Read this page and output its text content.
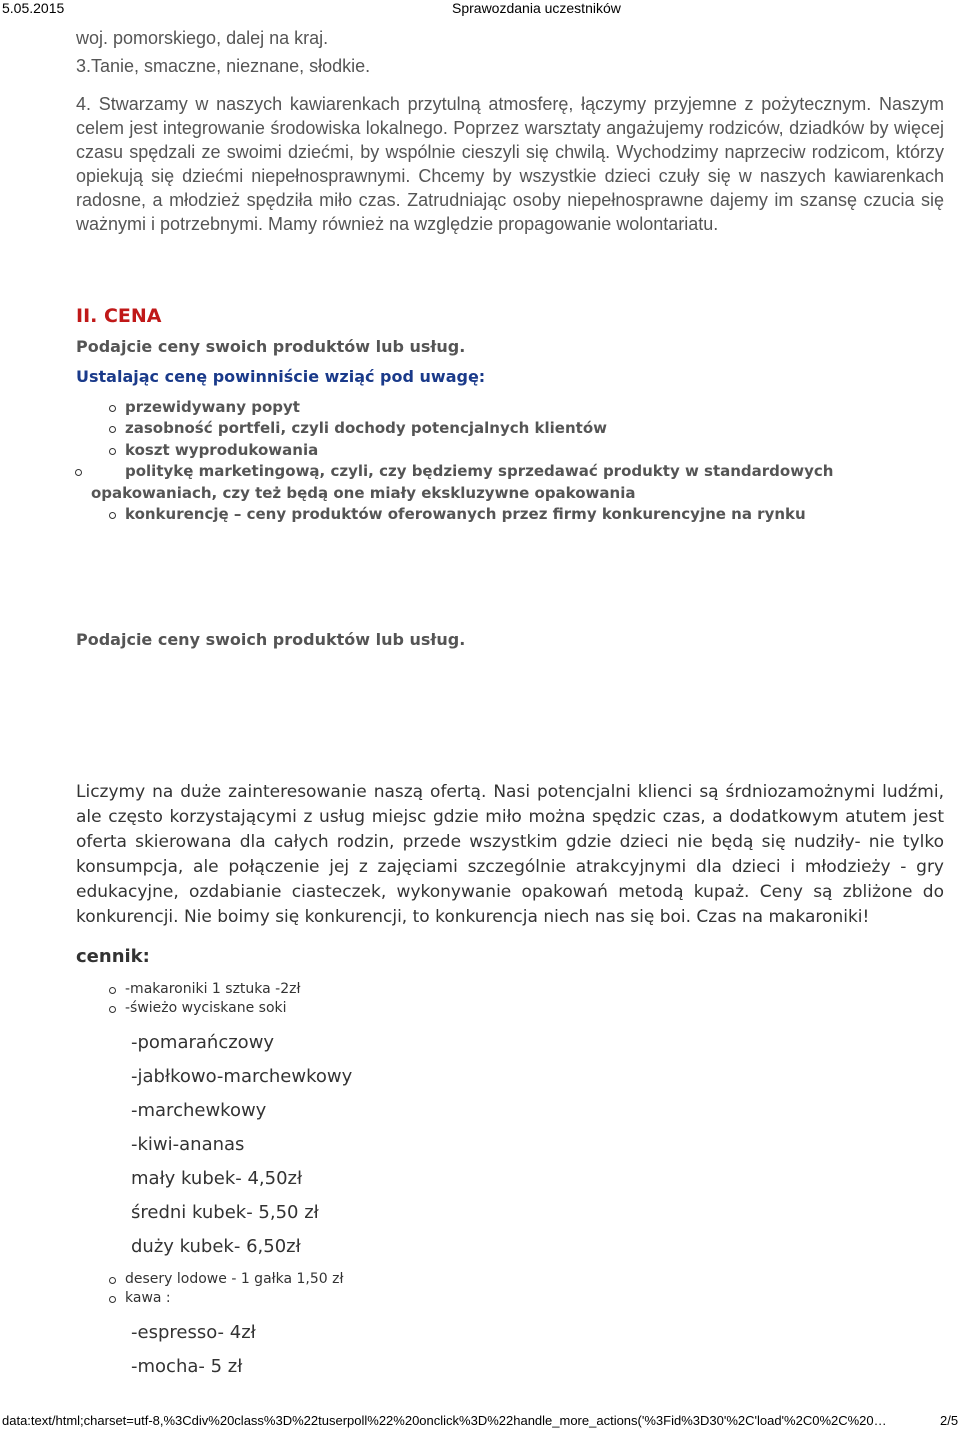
5.05.2015	Sprawozdania uczestników

woj. pomorskiego, dalej na kraj.

3.Tanie, smaczne, nieznane, słodkie.

4. Stwarzamy w naszych kawiarenkach przytulną atmosferę, łączymy przyjemne z pożytecznym. Naszym celem jest integrowanie środowiska lokalnego. Poprzez warsztaty angażujemy rodziców, dziadków by więcej czasu spędzali ze swoimi dziećmi, by wspólnie cieszyli się chwilą. Wychodzimy naprzeciw rodzicom, którzy opiekują się dziećmi niepełnosprawnymi. Chcemy by wszystkie dzieci czuły się w naszych kawiarenkach radosne, a młodzież spędziła miło czas. Zatrudniając osoby niepełnosprawne dajemy im szansę czucia się ważnymi i potrzebnymi. Mamy również na względzie propagowanie wolontariatu.

II. CENA

Podajcie ceny swoich produktów lub usług.

Ustalając cenę powinniście wziąć pod uwagę:

przewidywany popyt
zasobność portfeli, czyli dochody potencjalnych klientów
koszt wyprodukowania
politykę marketingową, czyli, czy będziemy sprzedawać produkty w standardowych opakowaniach, czy też będą one miały ekskluzywne opakowania
konkurencję – ceny produktów oferowanych przez firmy konkurencyjne na rynku

Podajcie ceny swoich produktów lub usług.

Liczymy na duże zainteresowanie naszą ofertą. Nasi potencjalni klienci są śrdniozamożnymi ludźmi, ale często korzystającymi z usług miejsc gdzie miło można spędzic czas, a dodatkowym atutem jest oferta skierowana dla całych rodzin, przede wszystkim gdzie dzieci nie będą się nudziły- nie tylko konsumpcja, ale połączenie jej z zajęciami szczególnie atrakcyjnymi dla dzieci i młodzieży - gry edukacyjne, ozdabianie ciasteczek, wykonywanie opakowań metodą kupaż. Ceny są zbliżone do konkurencji. Nie boimy się konkurencji, to konkurencja niech nas się boi. Czas na makaroniki!

cennik:

-makaroniki 1 sztuka -2zł
-świeżo wyciskane soki
-pomarańczowy
-jabłkowo-marchewkowy
-marchewkowy
-kiwi-ananas
mały kubek- 4,50zł
średni kubek- 5,50 zł
duży kubek- 6,50zł
desery lodowe - 1 gałka 1,50 zł
kawa :
-espresso- 4zł
-mocha- 5 zł
data:text/html;charset=utf-8,%3Cdiv%20class%3D%22tuserpoll%22%20onclick%3D%22handle_more_actions('%3Fid%3D30'%2C'load'%2C0%2C%20…	2/5
